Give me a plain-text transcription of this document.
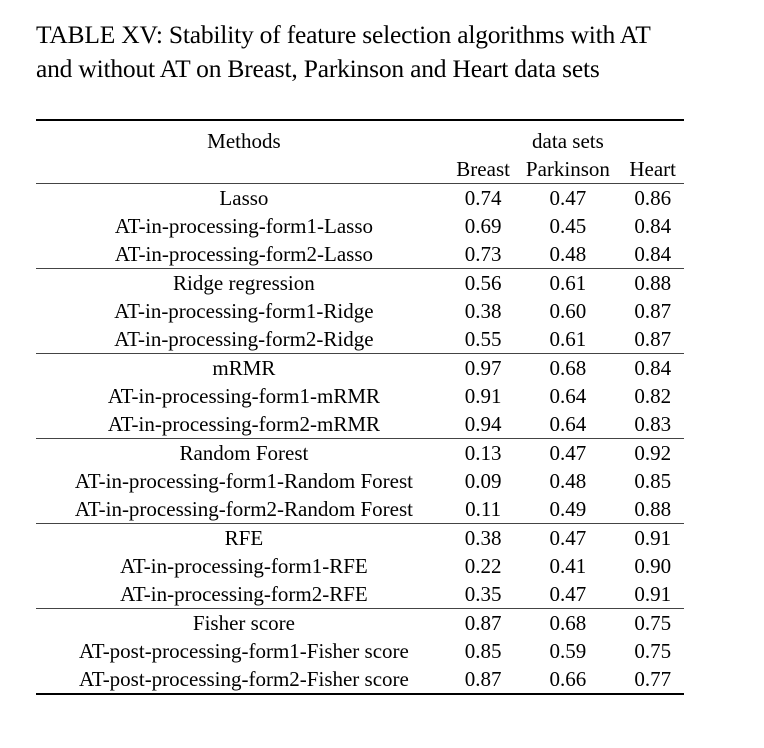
TABLE XV: Stability of feature selection algorithms with AT
and without AT on Breast, Parkinson and Heart data sets
Methods	data sets		
	Breast	Parkinson	Heart
Lasso	0.74	0.47	0.86
AT-in-processing-form1-Lasso	0.69	0.45	0.84
AT-in-processing-form2-Lasso	0.73	0.48	0.84
Ridge regression	0.56	0.61	0.88
AT-in-processing-form1-Ridge	0.38	0.60	0.87
AT-in-processing-form2-Ridge	0.55	0.61	0.87
mRMR	0.97	0.68	0.84
AT-in-processing-form1-mRMR	0.91	0.64	0.82
AT-in-processing-form2-mRMR	0.94	0.64	0.83
Random Forest	0.13	0.47	0.92
AT-in-processing-form1-Random Forest	0.09	0.48	0.85
AT-in-processing-form2-Random Forest	0.11	0.49	0.88
RFE	0.38	0.47	0.91
AT-in-processing-form1-RFE	0.22	0.41	0.90
AT-in-processing-form2-RFE	0.35	0.47	0.91
Fisher score	0.87	0.68	0.75
AT-post-processing-form1-Fisher score	0.85	0.59	0.75
AT-post-processing-form2-Fisher score	0.87	0.66	0.77
